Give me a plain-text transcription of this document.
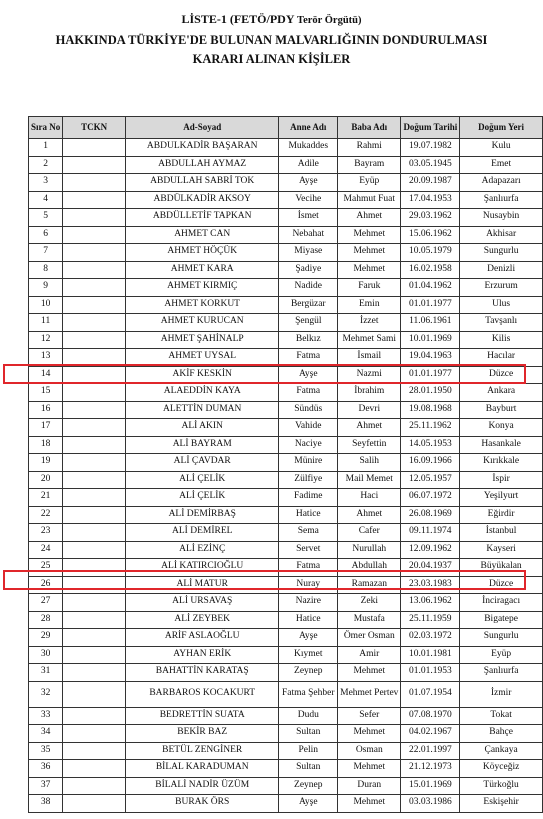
LİSTE-1 (FETÖ/PDY Terör Örgütü)
HAKKINDA TÜRKİYE'DE BULUNAN MALVARLIĞININ DONDURULMASI
KARARI ALINAN KİŞİLER
Sıra No	TCKN	Ad-Soyad	Anne Adı	Baba Adı	Doğum Tarihi	Doğum Yeri
1		ABDULKADİR BAŞARAN	Mukaddes	Rahmi	19.07.1982	Kulu
2		ABDULLAH AYMAZ	Adile	Bayram	03.05.1945	Emet
3		ABDULLAH SABRİ TOK	Ayşe	Eyüp	20.09.1987	Adapazarı
4		ABDÜLKADİR AKSOY	Vecihe	Mahmut Fuat	17.04.1953	Şanlıurfa
5		ABDÜLLETİF TAPKAN	İsmet	Ahmet	29.03.1962	Nusaybin
6		AHMET CAN	Nebahat	Mehmet	15.06.1962	Akhisar
7		AHMET HÖÇÜK	Miyase	Mehmet	10.05.1979	Sungurlu
8		AHMET KARA	Şadiye	Mehmet	16.02.1958	Denizli
9		AHMET KIRMIÇ	Nadide	Faruk	01.04.1962	Erzurum
10		AHMET KORKUT	Bergüzar	Emin	01.01.1977	Ulus
11		AHMET KURUCAN	Şengül	İzzet	11.06.1961	Tavşanlı
12		AHMET ŞAHİNALP	Belkız	Mehmet Sami	10.01.1969	Kilis
13		AHMET UYSAL	Fatma	İsmail	19.04.1963	Hacılar
14		AKİF KESKİN	Ayşe	Nazmi	01.01.1977	Düzce
15		ALAEDDİN KAYA	Fatma	İbrahim	28.01.1950	Ankara
16		ALETTİN DUMAN	Sündüs	Devri	19.08.1968	Bayburt
17		ALİ AKIN	Vahide	Ahmet	25.11.1962	Konya
18		ALİ BAYRAM	Naciye	Seyfettin	14.05.1953	Hasankale
19		ALİ ÇAVDAR	Münire	Salih	16.09.1966	Kırıkkale
20		ALİ ÇELİK	Zülfiye	Mail Memet	12.05.1957	İspir
21		ALİ ÇELİK	Fadime	Haci	06.07.1972	Yeşilyurt
22		ALİ DEMİRBAŞ	Hatice	Ahmet	26.08.1969	Eğirdir
23		ALİ DEMİREL	Sema	Cafer	09.11.1974	İstanbul
24		ALİ EZİNÇ	Servet	Nurullah	12.09.1962	Kayseri
25		ALİ KATIRCIOĞLU	Fatma	Abdullah	20.04.1937	Büyükalan
26		ALİ MATUR	Nuray	Ramazan	23.03.1983	Düzce
27		ALİ URSAVAŞ	Nazire	Zeki	13.06.1962	İnciragacı
28		ALİ ZEYBEK	Hatice	Mustafa	25.11.1959	Bigatepe
29		ARİF ASLAOĞLU	Ayşe	Ömer Osman	02.03.1972	Sungurlu
30		AYHAN ERİK	Kıymet	Amir	10.01.1981	Eyüp
31		BAHATTİN KARATAŞ	Zeynep	Mehmet	01.01.1953	Şanlıurfa
32		BARBAROS KOCAKURT	Fatma Şehber	Mehmet Pertev	01.07.1954	İzmir
33		BEDRETTİN SUATA	Dudu	Sefer	07.08.1970	Tokat
34		BEKİR BAZ	Sultan	Mehmet	04.02.1967	Bahçe
35		BETÜL ZENGİNER	Pelin	Osman	22.01.1997	Çankaya
36		BİLAL KARADUMAN	Sultan	Mehmet	21.12.1973	Köyceğiz
37		BİLALİ NADİR ÜZÜM	Zeynep	Duran	15.01.1969	Türkoğlu
38		BURAK ÖRS	Ayşe	Mehmet	03.03.1986	Eskişehir
